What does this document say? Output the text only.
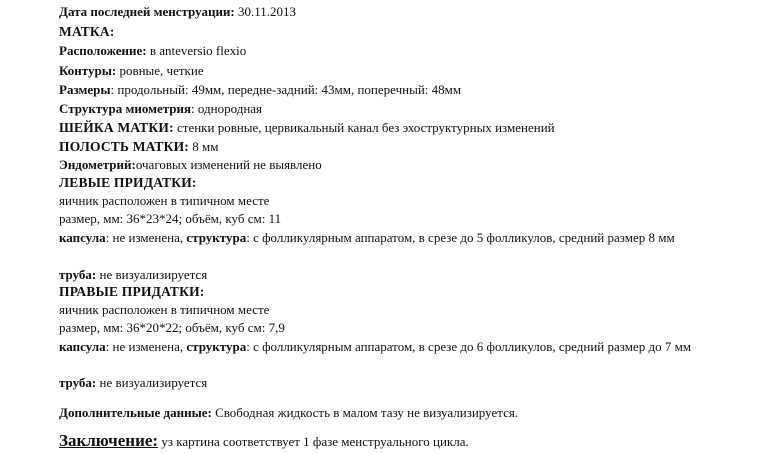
Дата последней менструации: 30.11.2013
МАТКА:
Расположение: в anteversio flexio
Контуры: ровные, четкие
Размеры: продольный: 49мм, передне-задний: 43мм, поперечный: 48мм
Структура миометрия: однородная
ШЕЙКА МАТКИ: стенки ровные, цервикальный канал без эхоструктурных изменений
ПОЛОСТЬ МАТКИ: 8 мм
Эндометрий:очаговых изменений не выявлено
ЛЕВЫЕ ПРИДАТКИ:
яичник расположен в типичном месте
размер, мм: 36*23*24; объём, куб см: 11
капсула: не изменена, структура: с фолликулярным аппаратом, в срезе до 5 фолликулов, средний размер 8 мм
труба: не визуализируется
ПРАВЫЕ ПРИДАТКИ:
яичник расположен в типичном месте
размер, мм: 36*20*22; объём, куб см: 7,9
капсула: не изменена, структура: с фолликулярным аппаратом, в срезе до 6 фолликулов, средний размер до 7 мм
труба: не визуализируется
Дополнительные данные: Свободная жидкость в малом тазу не визуализируется.
Заключение: уз картина соответствует 1 фазе менструального цикла.
